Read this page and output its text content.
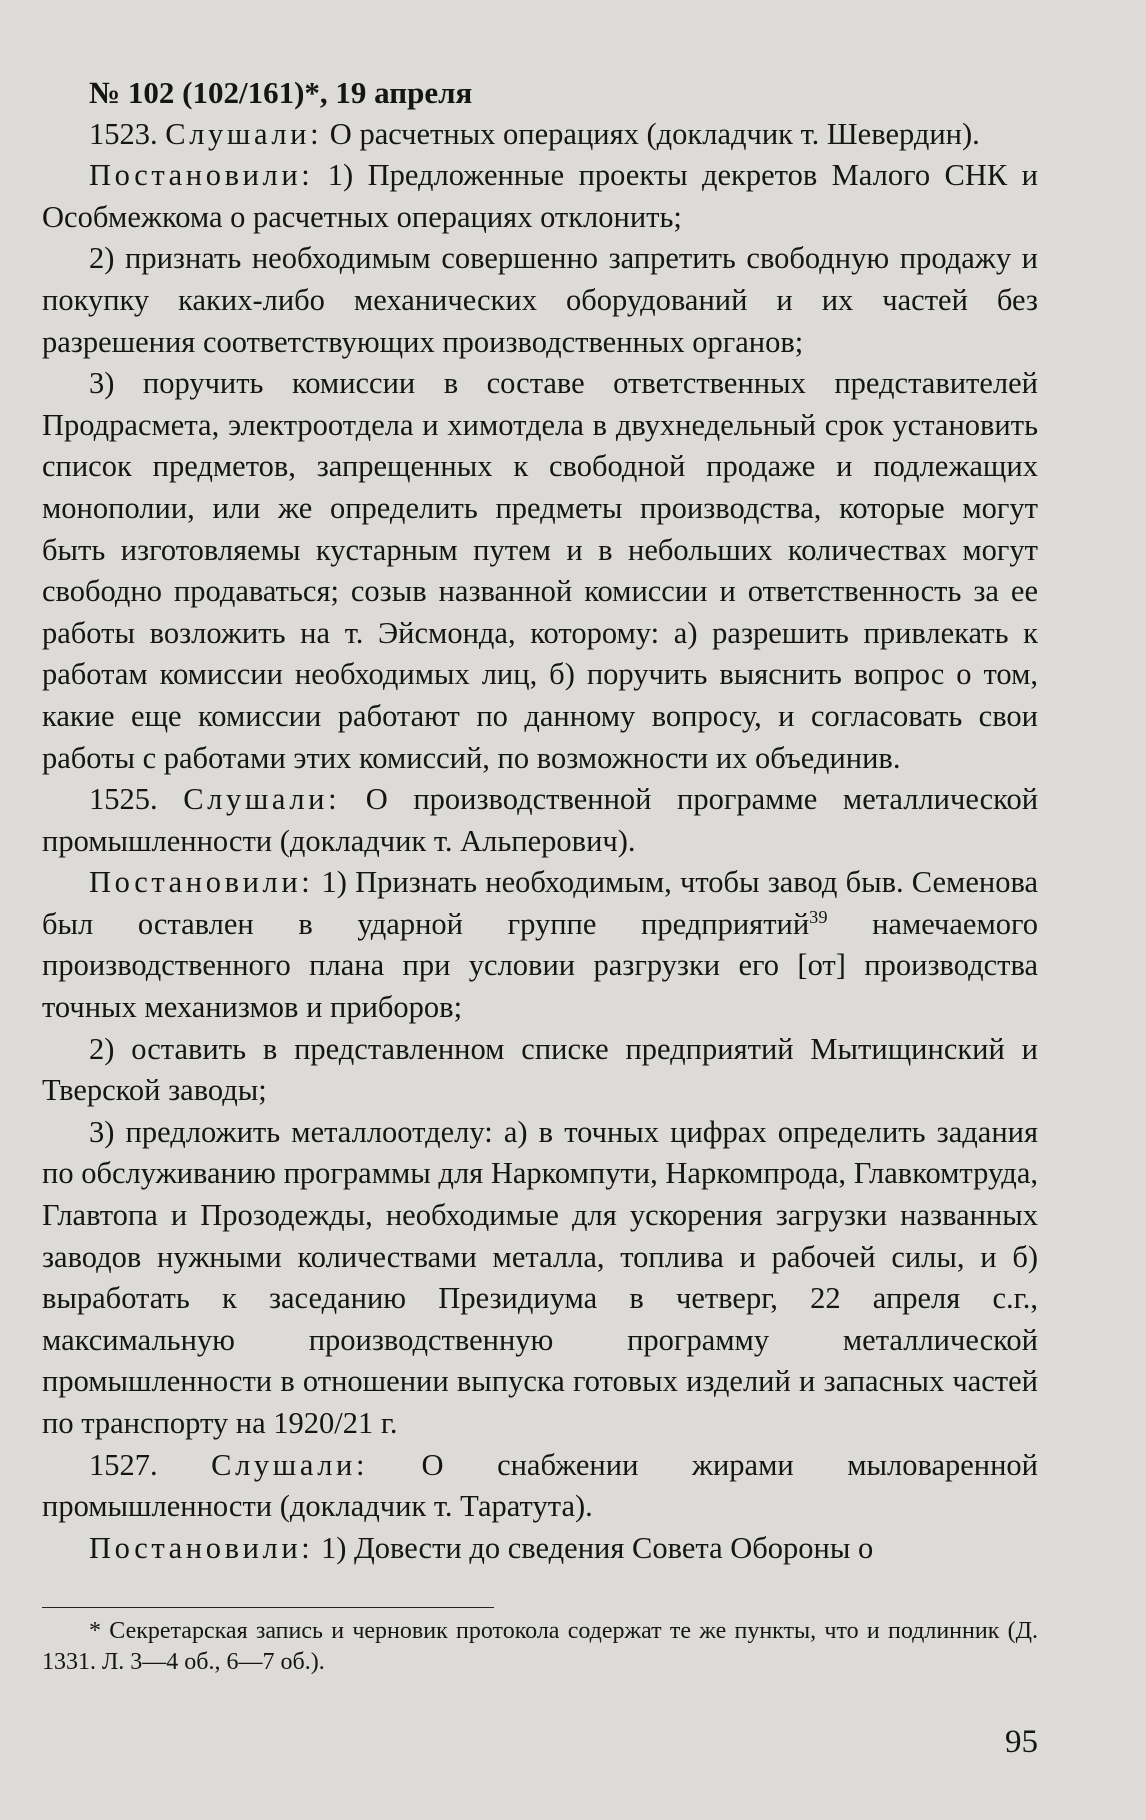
№ 102 (102/161)*, 19 апреля

1523. Слушали: О расчетных операциях (докладчик т. Шевердин).

Постановили: 1) Предложенные проекты декретов Малого СНК и Особмежкома о расчетных операциях отклонить;

2) признать необходимым совершенно запретить свободную продажу и покупку каких-либо механических оборудований и их частей без разрешения соответствующих производственных органов;

3) поручить комиссии в составе ответственных представителей Продрасмета, электроотдела и химотдела в двухнедельный срок установить список предметов, запрещенных к свободной продаже и подлежащих монополии, или же определить предметы производства, которые могут быть изготовляемы кустарным путем и в небольших количествах могут свободно продаваться; созыв названной комиссии и ответственность за ее работы возложить на т. Эйсмонда, которому: а) разрешить привлекать к работам комиссии необходимых лиц, б) поручить выяснить вопрос о том, какие еще комиссии работают по данному вопросу, и согласовать свои работы с работами этих комиссий, по возможности их объединив.

1525. Слушали: О производственной программе металлической промышленности (докладчик т. Альперович).

Постановили: 1) Признать необходимым, чтобы завод быв. Семенова был оставлен в ударной группе предприятий$^{39}$ намечаемого производственного плана при условии разгрузки его [от] производства точных механизмов и приборов;

2) оставить в представленном списке предприятий Мытищинский и Тверской заводы;

3) предложить металлоотделу: а) в точных цифрах определить задания по обслуживанию программы для Наркомпути, Наркомпрода, Главкомтруда, Главтопа и Прозодежды, необходимые для ускорения загрузки названных заводов нужными количествами металла, топлива и рабочей силы, и б) выработать к заседанию Президиума в четверг, 22 апреля с.г., максимальную производственную программу металлической промышленности в отношении выпуска готовых изделий и запасных частей по транспорту на 1920/21 г.

1527. Слушали: О снабжении жирами мыловаренной промышленности (докладчик т. Таратута).

Постановили: 1) Довести до сведения Совета Обороны о

* Секретарская запись и черновик протокола содержат те же пункты, что и подлинник (Д. 1331. Л. 3—4 об., 6—7 об.).

95
